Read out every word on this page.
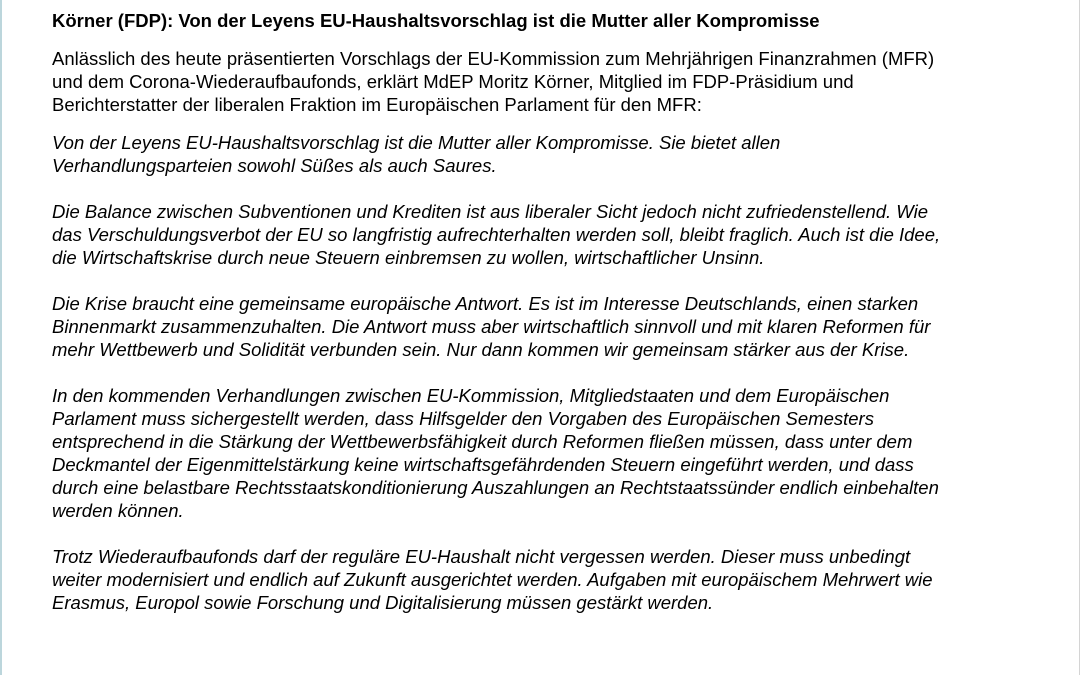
Körner (FDP): Von der Leyens EU-Haushaltsvorschlag ist die Mutter aller Kompromisse

Anlässlich des heute präsentierten Vorschlags der EU-Kommission zum Mehrjährigen Finanzrahmen (MFR)
und dem Corona-Wiederaufbaufonds, erklärt MdEP Moritz Körner, Mitglied im FDP-Präsidium und
Berichterstatter der liberalen Fraktion im Europäischen Parlament für den MFR:

Von der Leyens EU-Haushaltsvorschlag ist die Mutter aller Kompromisse. Sie bietet allen
Verhandlungsparteien sowohl Süßes als auch Saures.

Die Balance zwischen Subventionen und Krediten ist aus liberaler Sicht jedoch nicht zufriedenstellend. Wie
das Verschuldungsverbot der EU so langfristig aufrechterhalten werden soll, bleibt fraglich. Auch ist die Idee,
die Wirtschaftskrise durch neue Steuern einbremsen zu wollen, wirtschaftlicher Unsinn.

Die Krise braucht eine gemeinsame europäische Antwort. Es ist im Interesse Deutschlands, einen starken
Binnenmarkt zusammenzuhalten. Die Antwort muss aber wirtschaftlich sinnvoll und mit klaren Reformen für
mehr Wettbewerb und Solidität verbunden sein. Nur dann kommen wir gemeinsam stärker aus der Krise.

In den kommenden Verhandlungen zwischen EU-Kommission, Mitgliedstaaten und dem Europäischen
Parlament muss sichergestellt werden, dass Hilfsgelder den Vorgaben des Europäischen Semesters
entsprechend in die Stärkung der Wettbewerbsfähigkeit durch Reformen fließen müssen, dass unter dem
Deckmantel der Eigenmittelstärkung keine wirtschaftsgefährdenden Steuern eingeführt werden, und dass
durch eine belastbare Rechtsstaatskonditionierung Auszahlungen an Rechtstaatssünder endlich einbehalten
werden können.

Trotz Wiederaufbaufonds darf der reguläre EU-Haushalt nicht vergessen werden. Dieser muss unbedingt
weiter modernisiert und endlich auf Zukunft ausgerichtet werden. Aufgaben mit europäischem Mehrwert wie
Erasmus, Europol sowie Forschung und Digitalisierung müssen gestärkt werden.
